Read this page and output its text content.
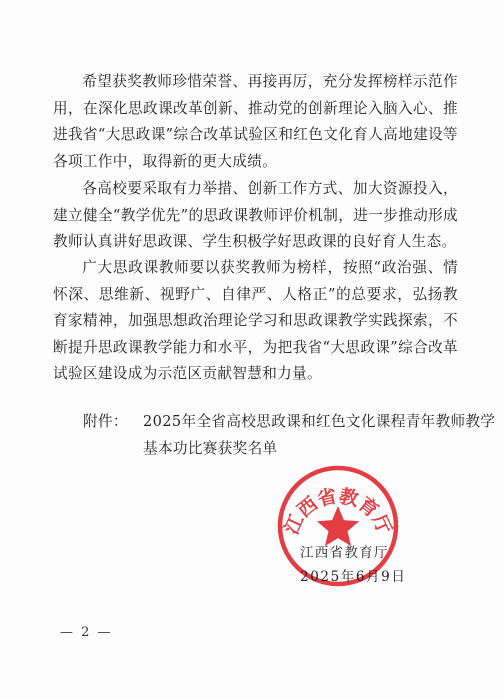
希望获奖教师珍惜荣誉、再接再厉，充分发挥榜样示范作用，在深化思政课改革创新、推动党的创新理论入脑入心、推进我省“大思政课”综合改革试验区和红色文化育人高地建设等各项工作中，取得新的更大成绩。

各高校要采取有力举措、创新工作方式、加大资源投入，建立健全“教学优先”的思政课教师评价机制，进一步推动形成教师认真讲好思政课、学生积极学好思政课的良好育人生态。

广大思政课教师要以获奖教师为榜样，按照“政治强、情怀深、思维新、视野广、自律严、人格正”的总要求，弘扬教育家精神，加强思想政治理论学习和思政课教学实践探索，不断提升思政课教学能力和水平，为把我省“大思政课”综合改革试验区建设成为示范区贡献智慧和力量。

附件： 2025年全省高校思政课和红色文化课程青年教师教学
基本功比赛获奖名单
江西省教育厅
江西省教育厅
2025年6月9日
— 2 —
